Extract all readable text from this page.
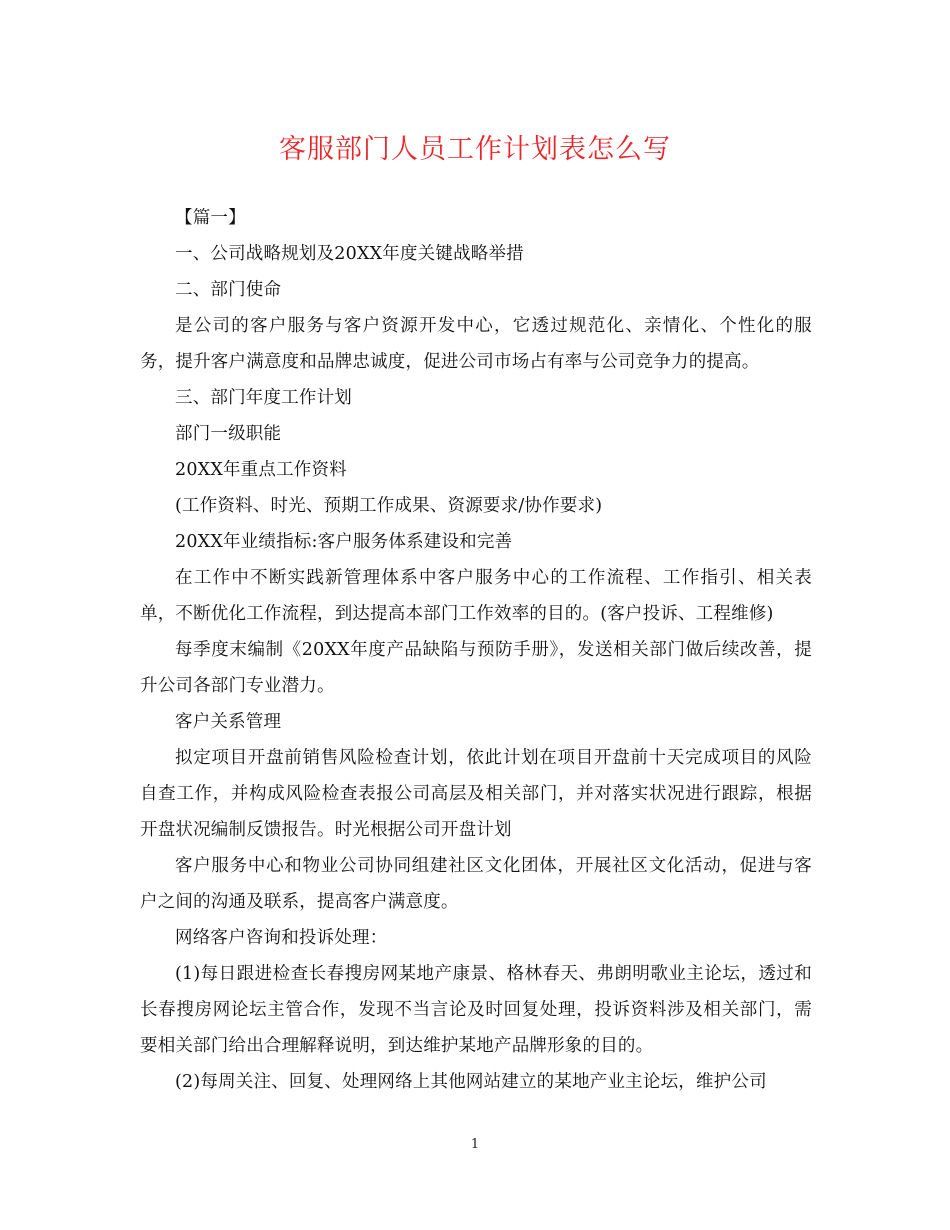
客服部门人员工作计划表怎么写

【篇一】

一、公司战略规划及20XX年度关键战略举措

二、部门使命

是公司的客户服务与客户资源开发中心，它透过规范化、亲情化、个性化的服务，提升客户满意度和品牌忠诚度，促进公司市场占有率与公司竞争力的提高。

三、部门年度工作计划

部门一级职能

20XX年重点工作资料

(工作资料、时光、预期工作成果、资源要求/协作要求)

20XX年业绩指标:客户服务体系建设和完善

在工作中不断实践新管理体系中客户服务中心的工作流程、工作指引、相关表单，不断优化工作流程，到达提高本部门工作效率的目的。(客户投诉、工程维修)

每季度末编制《20XX年度产品缺陷与预防手册》，发送相关部门做后续改善，提升公司各部门专业潜力。

客户关系管理

拟定项目开盘前销售风险检查计划，依此计划在项目开盘前十天完成项目的风险自查工作，并构成风险检查表报公司高层及相关部门，并对落实状况进行跟踪，根据开盘状况编制反馈报告。时光根据公司开盘计划

客户服务中心和物业公司协同组建社区文化团体，开展社区文化活动，促进与客户之间的沟通及联系，提高客户满意度。

网络客户咨询和投诉处理：

(1)每日跟进检查长春搜房网某地产康景、格林春天、弗朗明歌业主论坛，透过和长春搜房网论坛主管合作，发现不当言论及时回复处理，投诉资料涉及相关部门，需要相关部门给出合理解释说明，到达维护某地产品牌形象的目的。

(2)每周关注、回复、处理网络上其他网站建立的某地产业主论坛，维护公司

1
